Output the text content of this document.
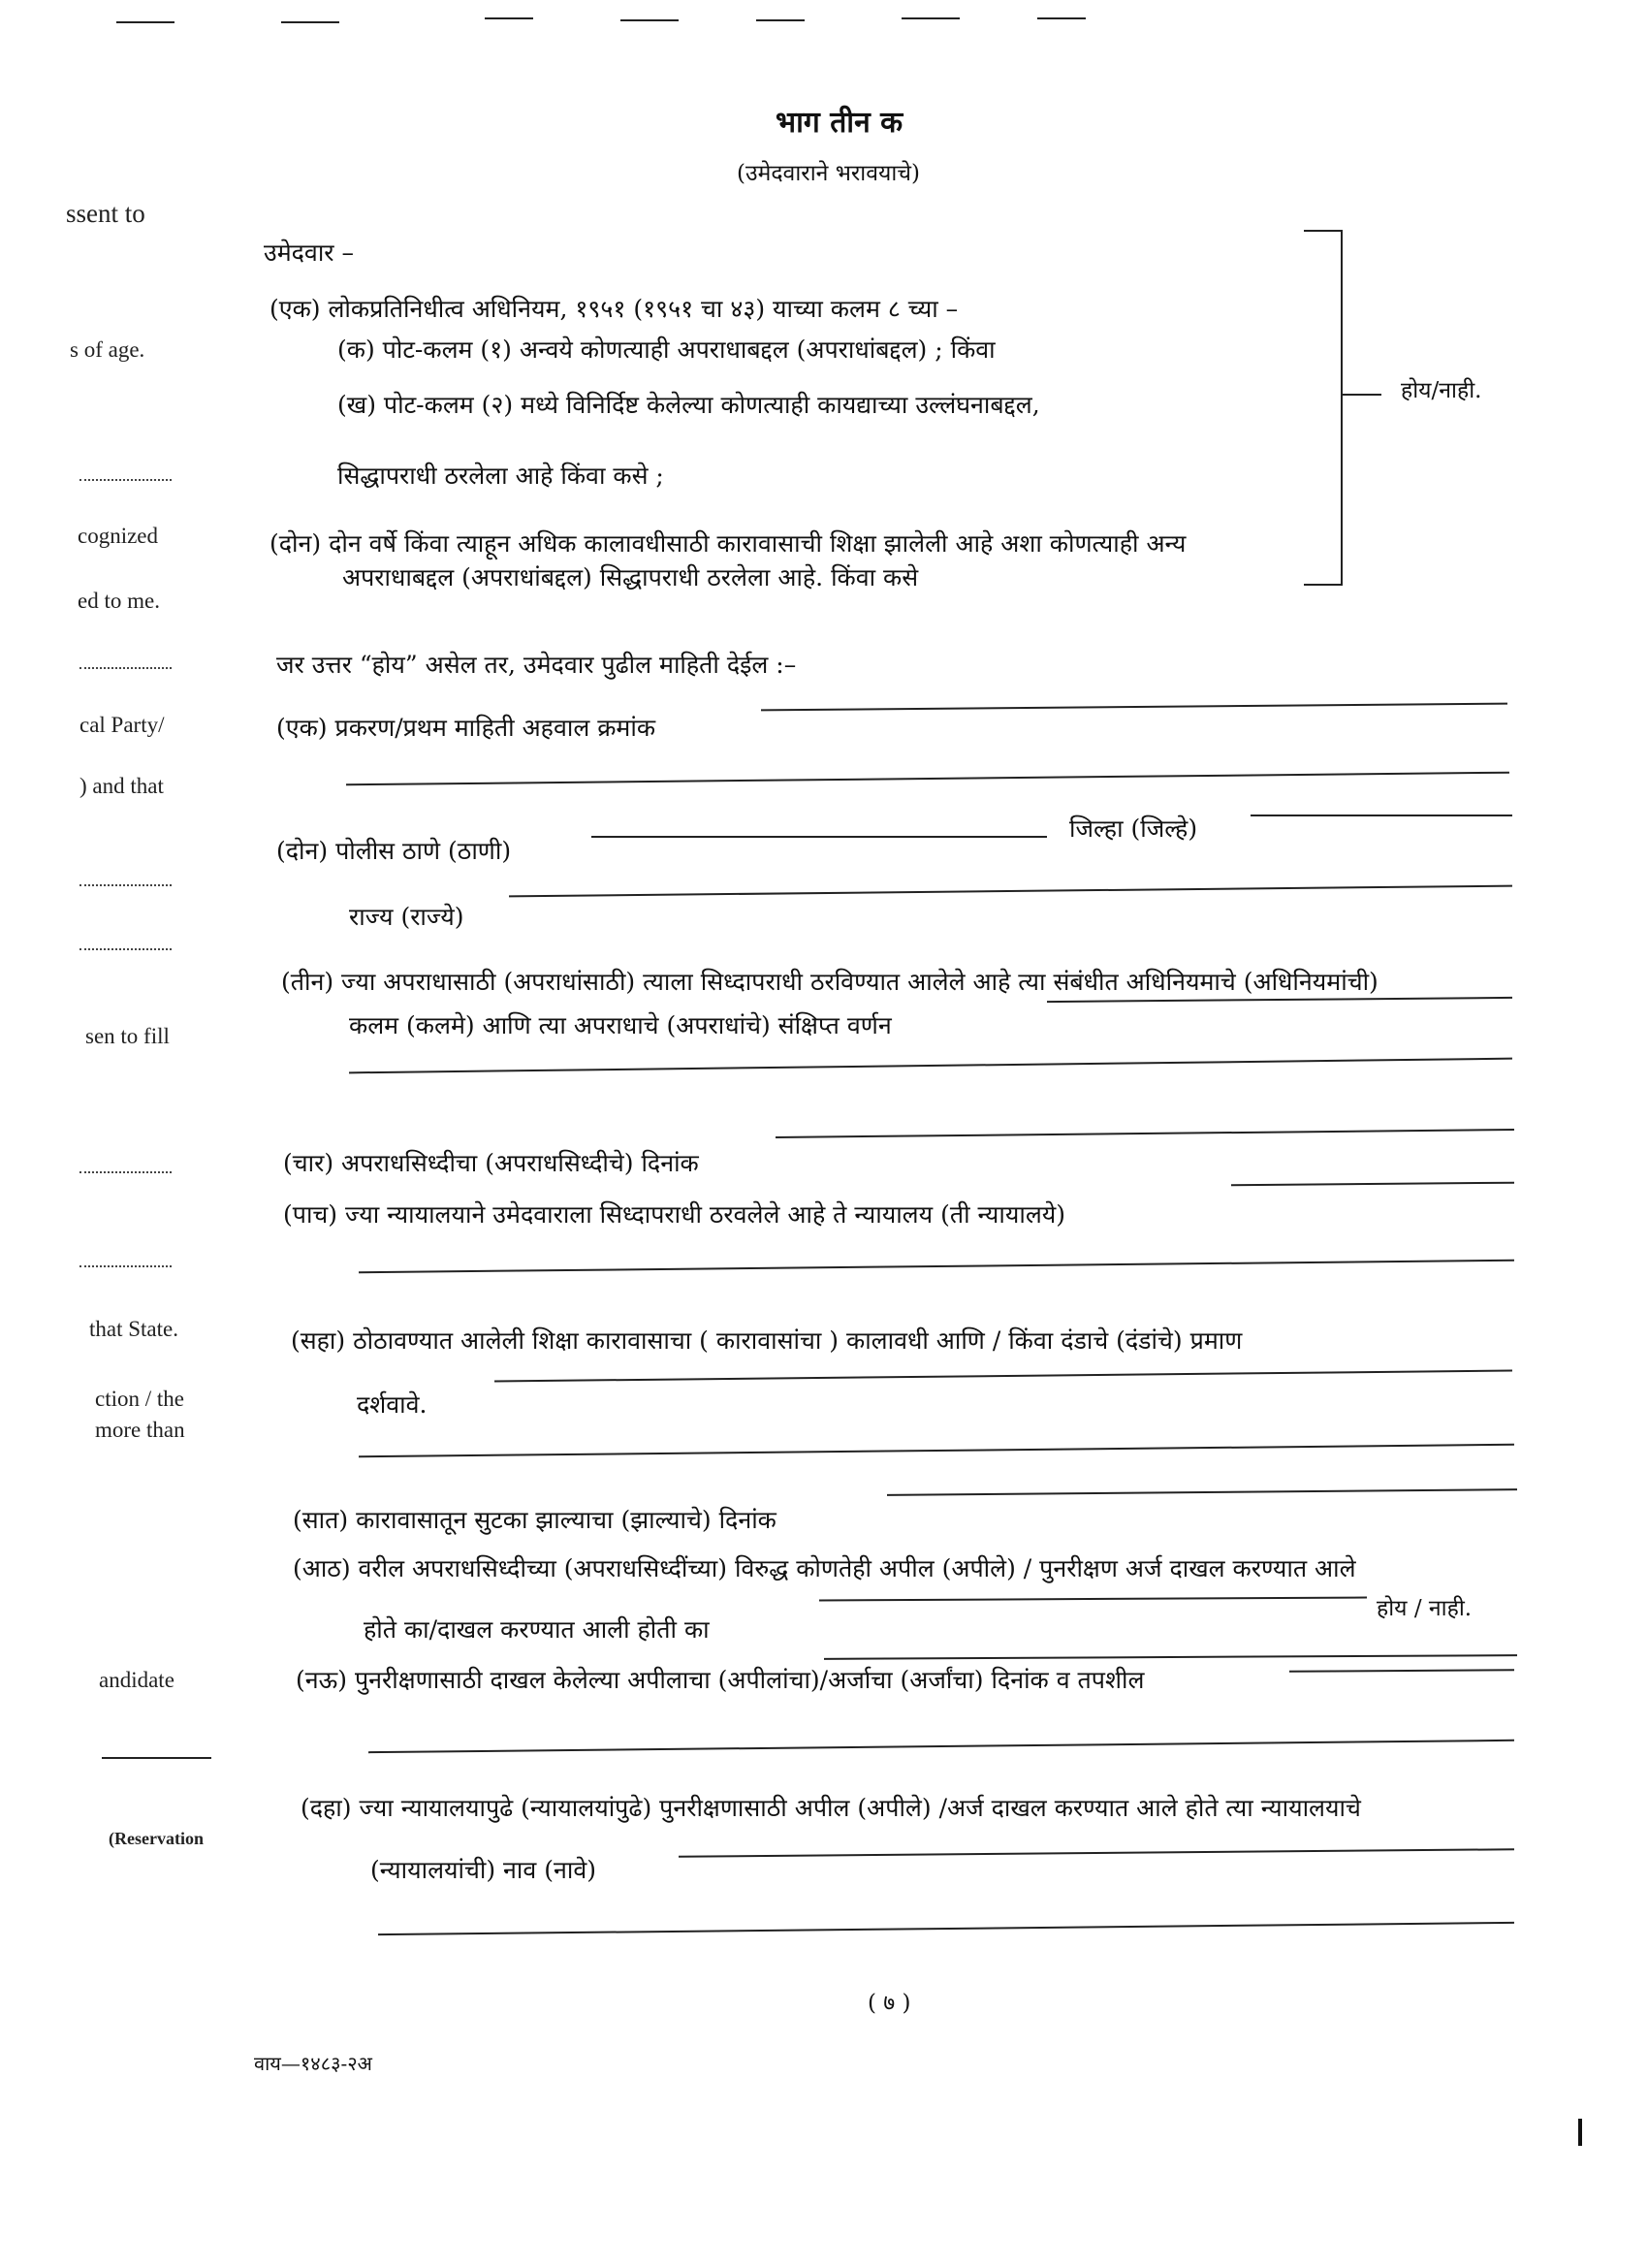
ssent to
s of age.
cognized
ed to me.
cal Party/
) and that
sen to fill
that State.
ction / the
more than
andidate
(Reservation
भाग तीन क
(उमेदवाराने भरावयाचे)
उमेदवार –
(एक) लोकप्रतिनिधीत्व अधिनियम, १९५१ (१९५१ चा ४३) याच्या कलम ८ च्या –
(क) पोट-कलम (१) अन्वये कोणत्याही अपराधाबद्दल (अपराधांबद्दल) ; किंवा
(ख) पोट-कलम (२) मध्ये विनिर्दिष्ट केलेल्या कोणत्याही कायद्याच्या उल्लंघनाबद्दल,
सिद्धापराधी ठरलेला आहे किंवा कसे ;
(दोन) दोन वर्षे किंवा त्याहून अधिक कालावधीसाठी कारावासाची शिक्षा झालेली आहे अशा कोणत्याही अन्य
अपराधाबद्दल (अपराधांबद्दल) सिद्धापराधी ठरलेला आहे. किंवा कसे
होय/नाही.
जर उत्तर “होय” असेल तर, उमेदवार पुढील माहिती देईल :–
(एक) प्रकरण/प्रथम माहिती अहवाल क्रमांक
(दोन) पोलीस ठाणे (ठाणी)
जिल्हा (जिल्हे)
राज्य (राज्ये)
(तीन) ज्या अपराधासाठी (अपराधांसाठी) त्याला सिध्दापराधी ठरविण्यात आलेले आहे त्या संबंधीत अधिनियमाचे (अधिनियमांची)
कलम (कलमे) आणि त्या अपराधाचे (अपराधांचे) संक्षिप्त वर्णन
(चार) अपराधसिध्दीचा (अपराधसिध्दीचे) दिनांक
(पाच) ज्या न्यायालयाने उमेदवाराला सिध्दापराधी ठरवलेले आहे ते न्यायालय (ती न्यायालये)
(सहा) ठोठावण्यात आलेली शिक्षा कारावासाचा ( कारावासांचा ) कालावधी आणि / किंवा दंडाचे (दंडांचे) प्रमाण
दर्शवावे.
(सात) कारावासातून सुटका झाल्याचा (झाल्याचे) दिनांक
(आठ) वरील अपराधसिध्दीच्या (अपराधसिध्दींच्या) विरुद्ध कोणतेही अपील (अपीले) / पुनरीक्षण अर्ज दाखल करण्यात आले
होते का/दाखल करण्यात आली होती का
होय / नाही.
(नऊ) पुनरीक्षणासाठी दाखल केलेल्या अपीलाचा (अपीलांचा)/अर्जाचा (अर्जांचा) दिनांक व तपशील
(दहा) ज्या न्यायालयापुढे (न्यायालयांपुढे) पुनरीक्षणासाठी अपील (अपीले) /अर्ज दाखल करण्यात आले होते त्या न्यायालयाचे
(न्यायालयांची) नाव (नावे)
( ७ )
वाय—१४८३-२अ
